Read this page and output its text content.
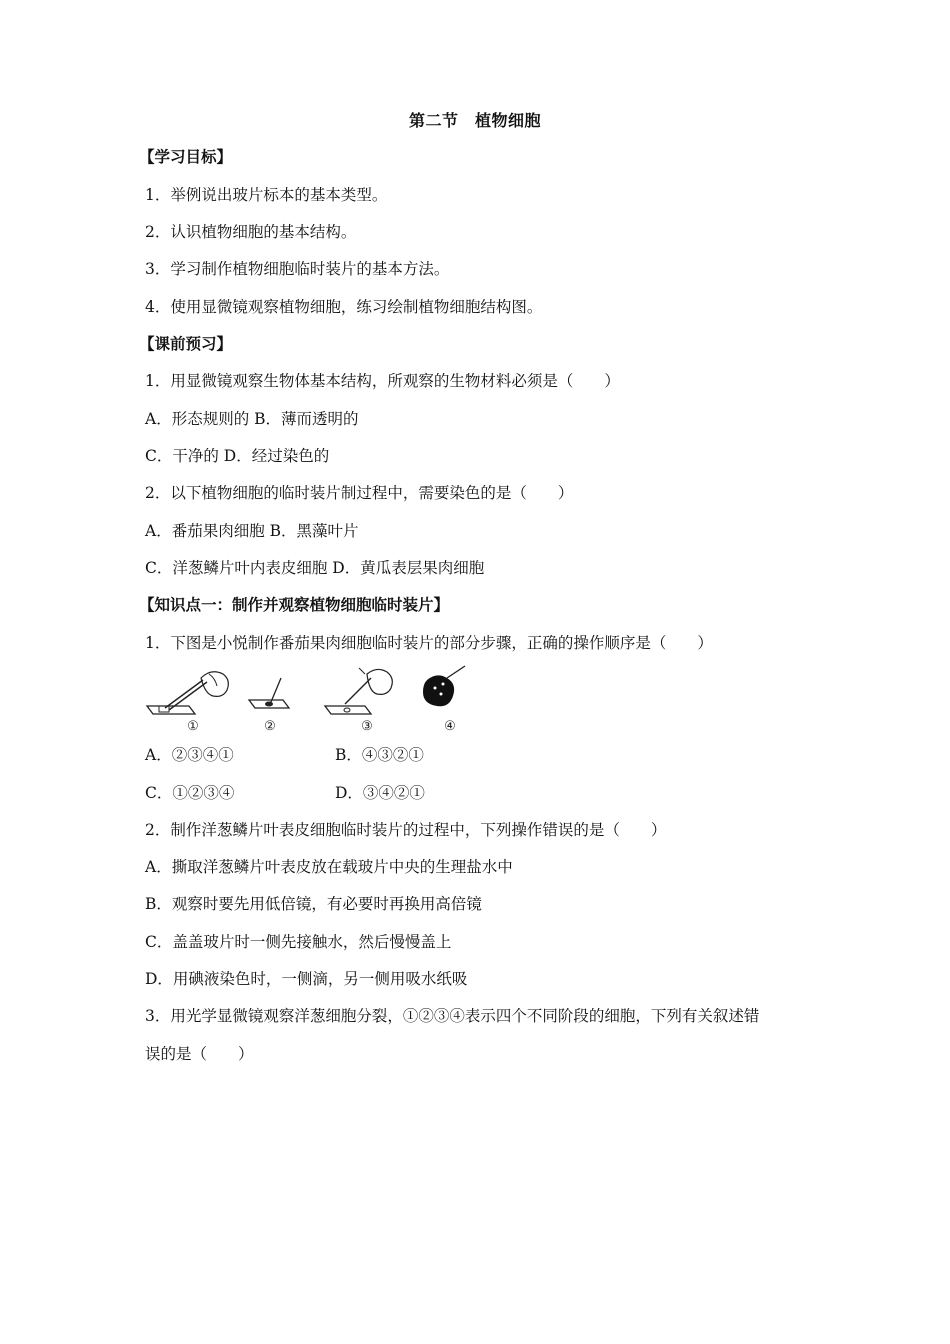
第二节　植物细胞
【学习目标】
1．举例说出玻片标本的基本类型。
2．认识植物细胞的基本结构。
3．学习制作植物细胞临时装片的基本方法。
4．使用显微镜观察植物细胞，练习绘制植物细胞结构图。
【课前预习】
1．用显微镜观察生物体基本结构，所观察的生物材料必须是（　　）
A．形态规则的 B．薄而透明的
C．干净的 D．经过染色的
2．以下植物细胞的临时装片制过程中，需要染色的是（　　）
A．番茄果肉细胞 B．黑藻叶片
C．洋葱鳞片叶内表皮细胞 D．黄瓜表层果肉细胞
【知识点一：制作并观察植物细胞临时装片】
1．下图是小悦制作番茄果肉细胞临时装片的部分步骤，正确的操作顺序是（　　）
①	②	③	④
A．②③④①	B．④③②①
C．①②③④	D．③④②①
2．制作洋葱鳞片叶表皮细胞临时装片的过程中，下列操作错误的是（　　）
A．撕取洋葱鳞片叶表皮放在载玻片中央的生理盐水中
B．观察时要先用低倍镜，有必要时再换用高倍镜
C．盖盖玻片时一侧先接触水，然后慢慢盖上
D．用碘液染色时，一侧滴，另一侧用吸水纸吸
3．用光学显微镜观察洋葱细胞分裂，①②③④表示四个不同阶段的细胞，下列有关叙述错
误的是（　　）
